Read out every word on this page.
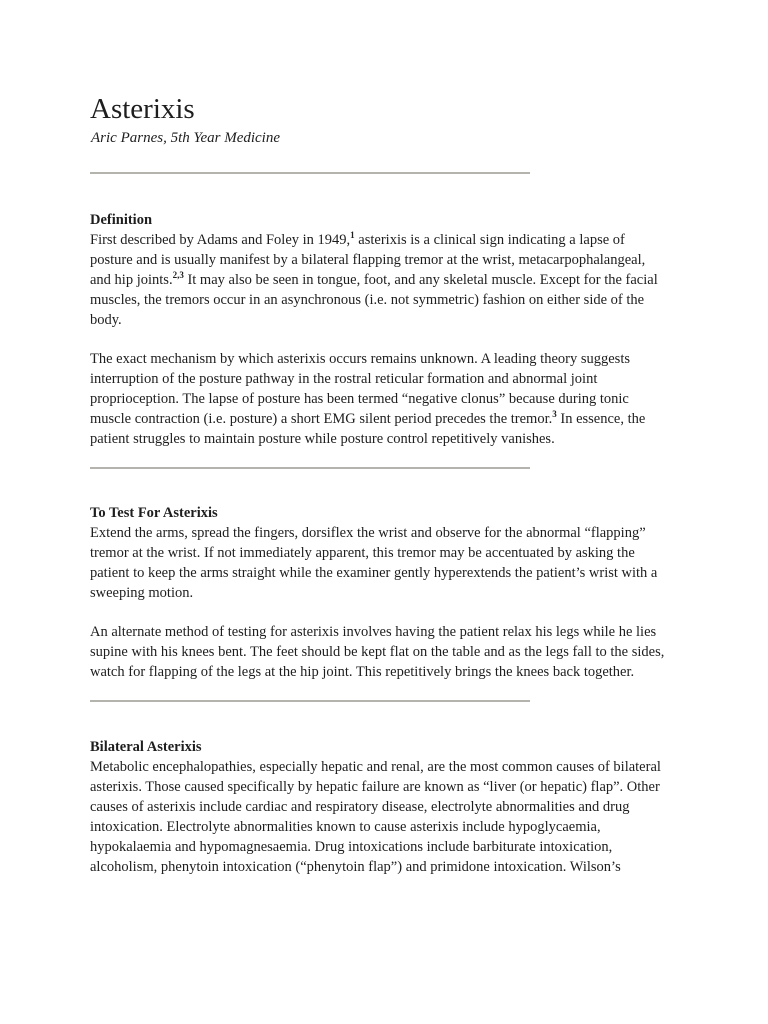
Asterixis
Aric Parnes, 5th Year Medicine
Definition

First described by Adams and Foley in 1949,$^1$ asterixis is a clinical sign indicating a lapse of posture and is usually manifest by a bilateral flapping tremor at the wrist, metacarpophalangeal, and hip joints.$^{2,3}$ It may also be seen in tongue, foot, and any skeletal muscle. Except for the facial muscles, the tremors occur in an asynchronous (i.e. not symmetric) fashion on either side of the body.

The exact mechanism by which asterixis occurs remains unknown. A leading theory suggests interruption of the posture pathway in the rostral reticular formation and abnormal joint proprioception. The lapse of posture has been termed “negative clonus” because during tonic muscle contraction (i.e. posture) a short EMG silent period precedes the tremor.$^3$ In essence, the patient struggles to maintain posture while posture control repetitively vanishes.

To Test For Asterixis

Extend the arms, spread the fingers, dorsiflex the wrist and observe for the abnormal “flapping” tremor at the wrist. If not immediately apparent, this tremor may be accentuated by asking the patient to keep the arms straight while the examiner gently hyperextends the patient’s wrist with a sweeping motion.

An alternate method of testing for asterixis involves having the patient relax his legs while he lies supine with his knees bent. The feet should be kept flat on the table and as the legs fall to the sides, watch for flapping of the legs at the hip joint. This repetitively brings the knees back together.

Bilateral Asterixis

Metabolic encephalopathies, especially hepatic and renal, are the most common causes of bilateral asterixis. Those caused specifically by hepatic failure are known as “liver (or hepatic) flap”. Other causes of asterixis include cardiac and respiratory disease, electrolyte abnormalities and drug intoxication. Electrolyte abnormalities known to cause asterixis include hypoglycaemia, hypokalaemia and hypomagnesaemia. Drug intoxications include barbiturate intoxication, alcoholism, phenytoin intoxication (“phenytoin flap”) and primidone intoxication. Wilson’s
